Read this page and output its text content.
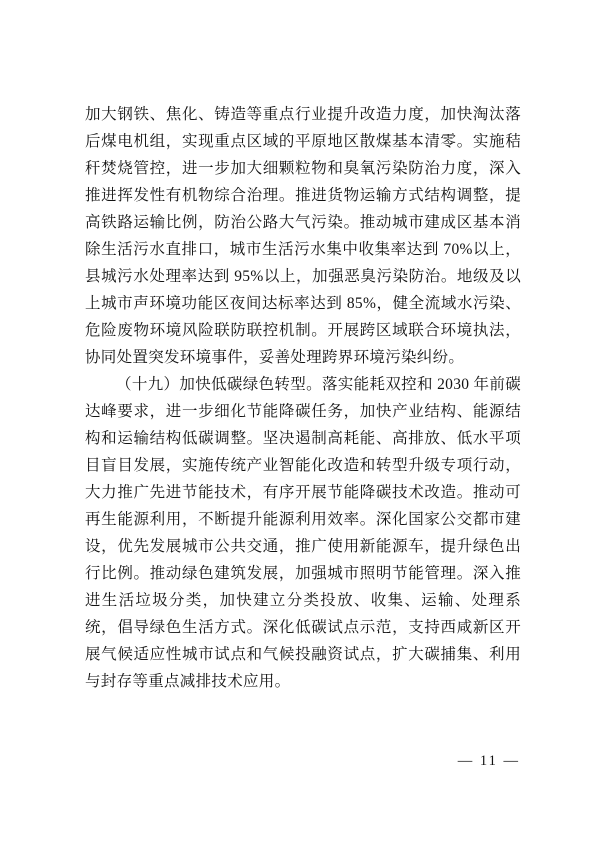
加大钢铁、焦化、铸造等重点行业提升改造力度，加快淘汰落后煤电机组，实现重点区域的平原地区散煤基本清零。实施秸秆焚烧管控，进一步加大细颗粒物和臭氧污染防治力度，深入推进挥发性有机物综合治理。推进货物运输方式结构调整，提高铁路运输比例，防治公路大气污染。推动城市建成区基本消除生活污水直排口，城市生活污水集中收集率达到 70%以上，县城污水处理率达到 95%以上，加强恶臭污染防治。地级及以上城市声环境功能区夜间达标率达到 85%，健全流域水污染、危险废物环境风险联防联控机制。开展跨区域联合环境执法，协同处置突发环境事件，妥善处理跨界环境污染纠纷。

（十九）加快低碳绿色转型。落实能耗双控和 2030 年前碳达峰要求，进一步细化节能降碳任务，加快产业结构、能源结构和运输结构低碳调整。坚决遏制高耗能、高排放、低水平项目盲目发展，实施传统产业智能化改造和转型升级专项行动，大力推广先进节能技术，有序开展节能降碳技术改造。推动可再生能源利用，不断提升能源利用效率。深化国家公交都市建设，优先发展城市公共交通，推广使用新能源车，提升绿色出行比例。推动绿色建筑发展，加强城市照明节能管理。深入推进生活垃圾分类，加快建立分类投放、收集、运输、处理系统，倡导绿色生活方式。深化低碳试点示范，支持西咸新区开展气候适应性城市试点和气候投融资试点，扩大碳捕集、利用与封存等重点减排技术应用。

— 11 —
